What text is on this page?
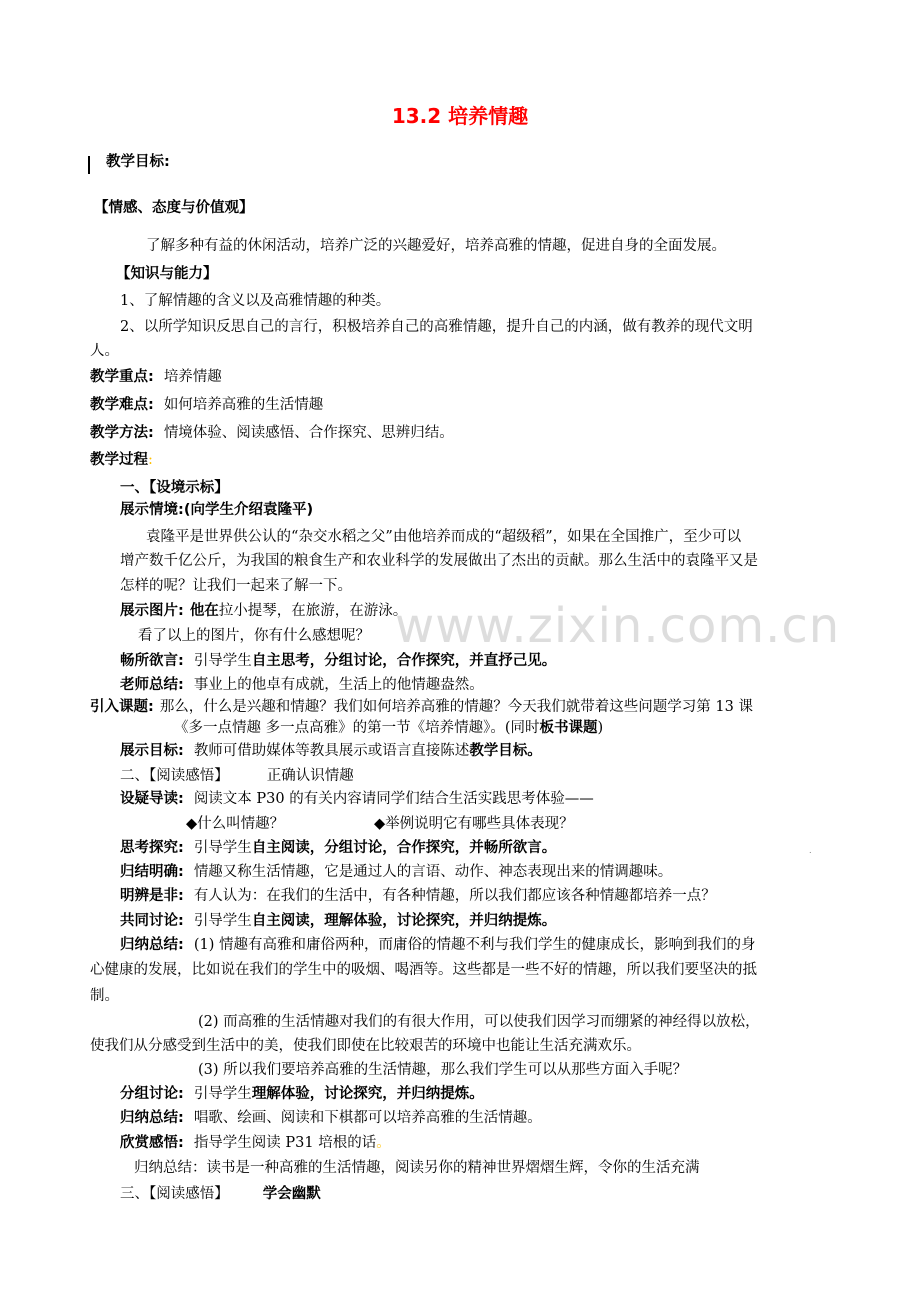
www.zixin.com.cn
13.2 培养情趣
教学目标:
【情感、态度与价值观】
了解多种有益的休闲活动，培养广泛的兴趣爱好，培养高雅的情趣，促进自身的全面发展。
【知识与能力】
1、了解情趣的含义以及高雅情趣的种类。
2、以所学知识反思自己的言行，积极培养自己的高雅情趣，提升自己的内涵，做有教养的现代文明
人。
教学重点: 培养情趣
教学难点: 如何培养高雅的生活情趣
教学方法: 情境体验、阅读感悟、合作探究、思辨归结。
教学过程:
一、【设境示标】
展示情境:(向学生介绍袁隆平)
袁隆平是世界供公认的“杂交水稻之父”由他培养而成的“超级稻”，如果在全国推广，至少可以
增产数千亿公斤，为我国的粮食生产和农业科学的发展做出了杰出的贡献。那么生活中的袁隆平又是
怎样的呢？让我们一起来了解一下。
展示图片: 他在拉小提琴，在旅游，在游泳。
看了以上的图片，你有什么感想呢？
畅所欲言: 引导学生自主思考，分组讨论，合作探究，并直抒己见。
老师总结: 事业上的他卓有成就，生活上的他情趣盎然。
引入课题: 那么，什么是兴趣和情趣？我们如何培养高雅的情趣？今天我们就带着这些问题学习第 13 课
《多一点情趣 多一点高雅》的第一节《培养情趣》。(同时板书课题)
展示目标: 教师可借助媒体等教具展示或语言直接陈述教学目标。
二、【阅读感悟】	正确认识情趣
设疑导读: 阅读文本 P30 的有关内容请同学们结合生活实践思考体验——
◆什么叫情趣？	◆举例说明它有哪些具体表现？
思考探究: 引导学生自主阅读，分组讨论，合作探究，并畅所欲言。	.
归结明确: 情趣又称生活情趣，它是通过人的言语、动作、神态表现出来的情调趣味。
明辨是非: 有人认为：在我们的生活中，有各种情趣，所以我们都应该各种情趣都培养一点？
共同讨论: 引导学生自主阅读，理解体验，讨论探究，并归纳提炼。
归纳总结: (1) 情趣有高雅和庸俗两种，而庸俗的情趣不利与我们学生的健康成长，影响到我们的身
心健康的发展，比如说在我们的学生中的吸烟、喝酒等。这些都是一些不好的情趣，所以我们要坚决的抵
制。
(2) 而高雅的生活情趣对我们的有很大作用，可以使我们因学习而绷紧的神经得以放松，
使我们从分感受到生活中的美，使我们即使在比较艰苦的环境中也能让生活充满欢乐。
(3) 所以我们要培养高雅的生活情趣，那么我们学生可以从那些方面入手呢？
分组讨论: 引导学生理解体验，讨论探究，并归纳提炼。
归纳总结: 唱歌、绘画、阅读和下棋都可以培养高雅的生活情趣。
欣赏感悟: 指导学生阅读 P31 培根的话。
归纳总结：读书是一种高雅的生活情趣，阅读另你的精神世界熠熠生辉，令你的生活充满
三、【阅读感悟】 学会幽默
